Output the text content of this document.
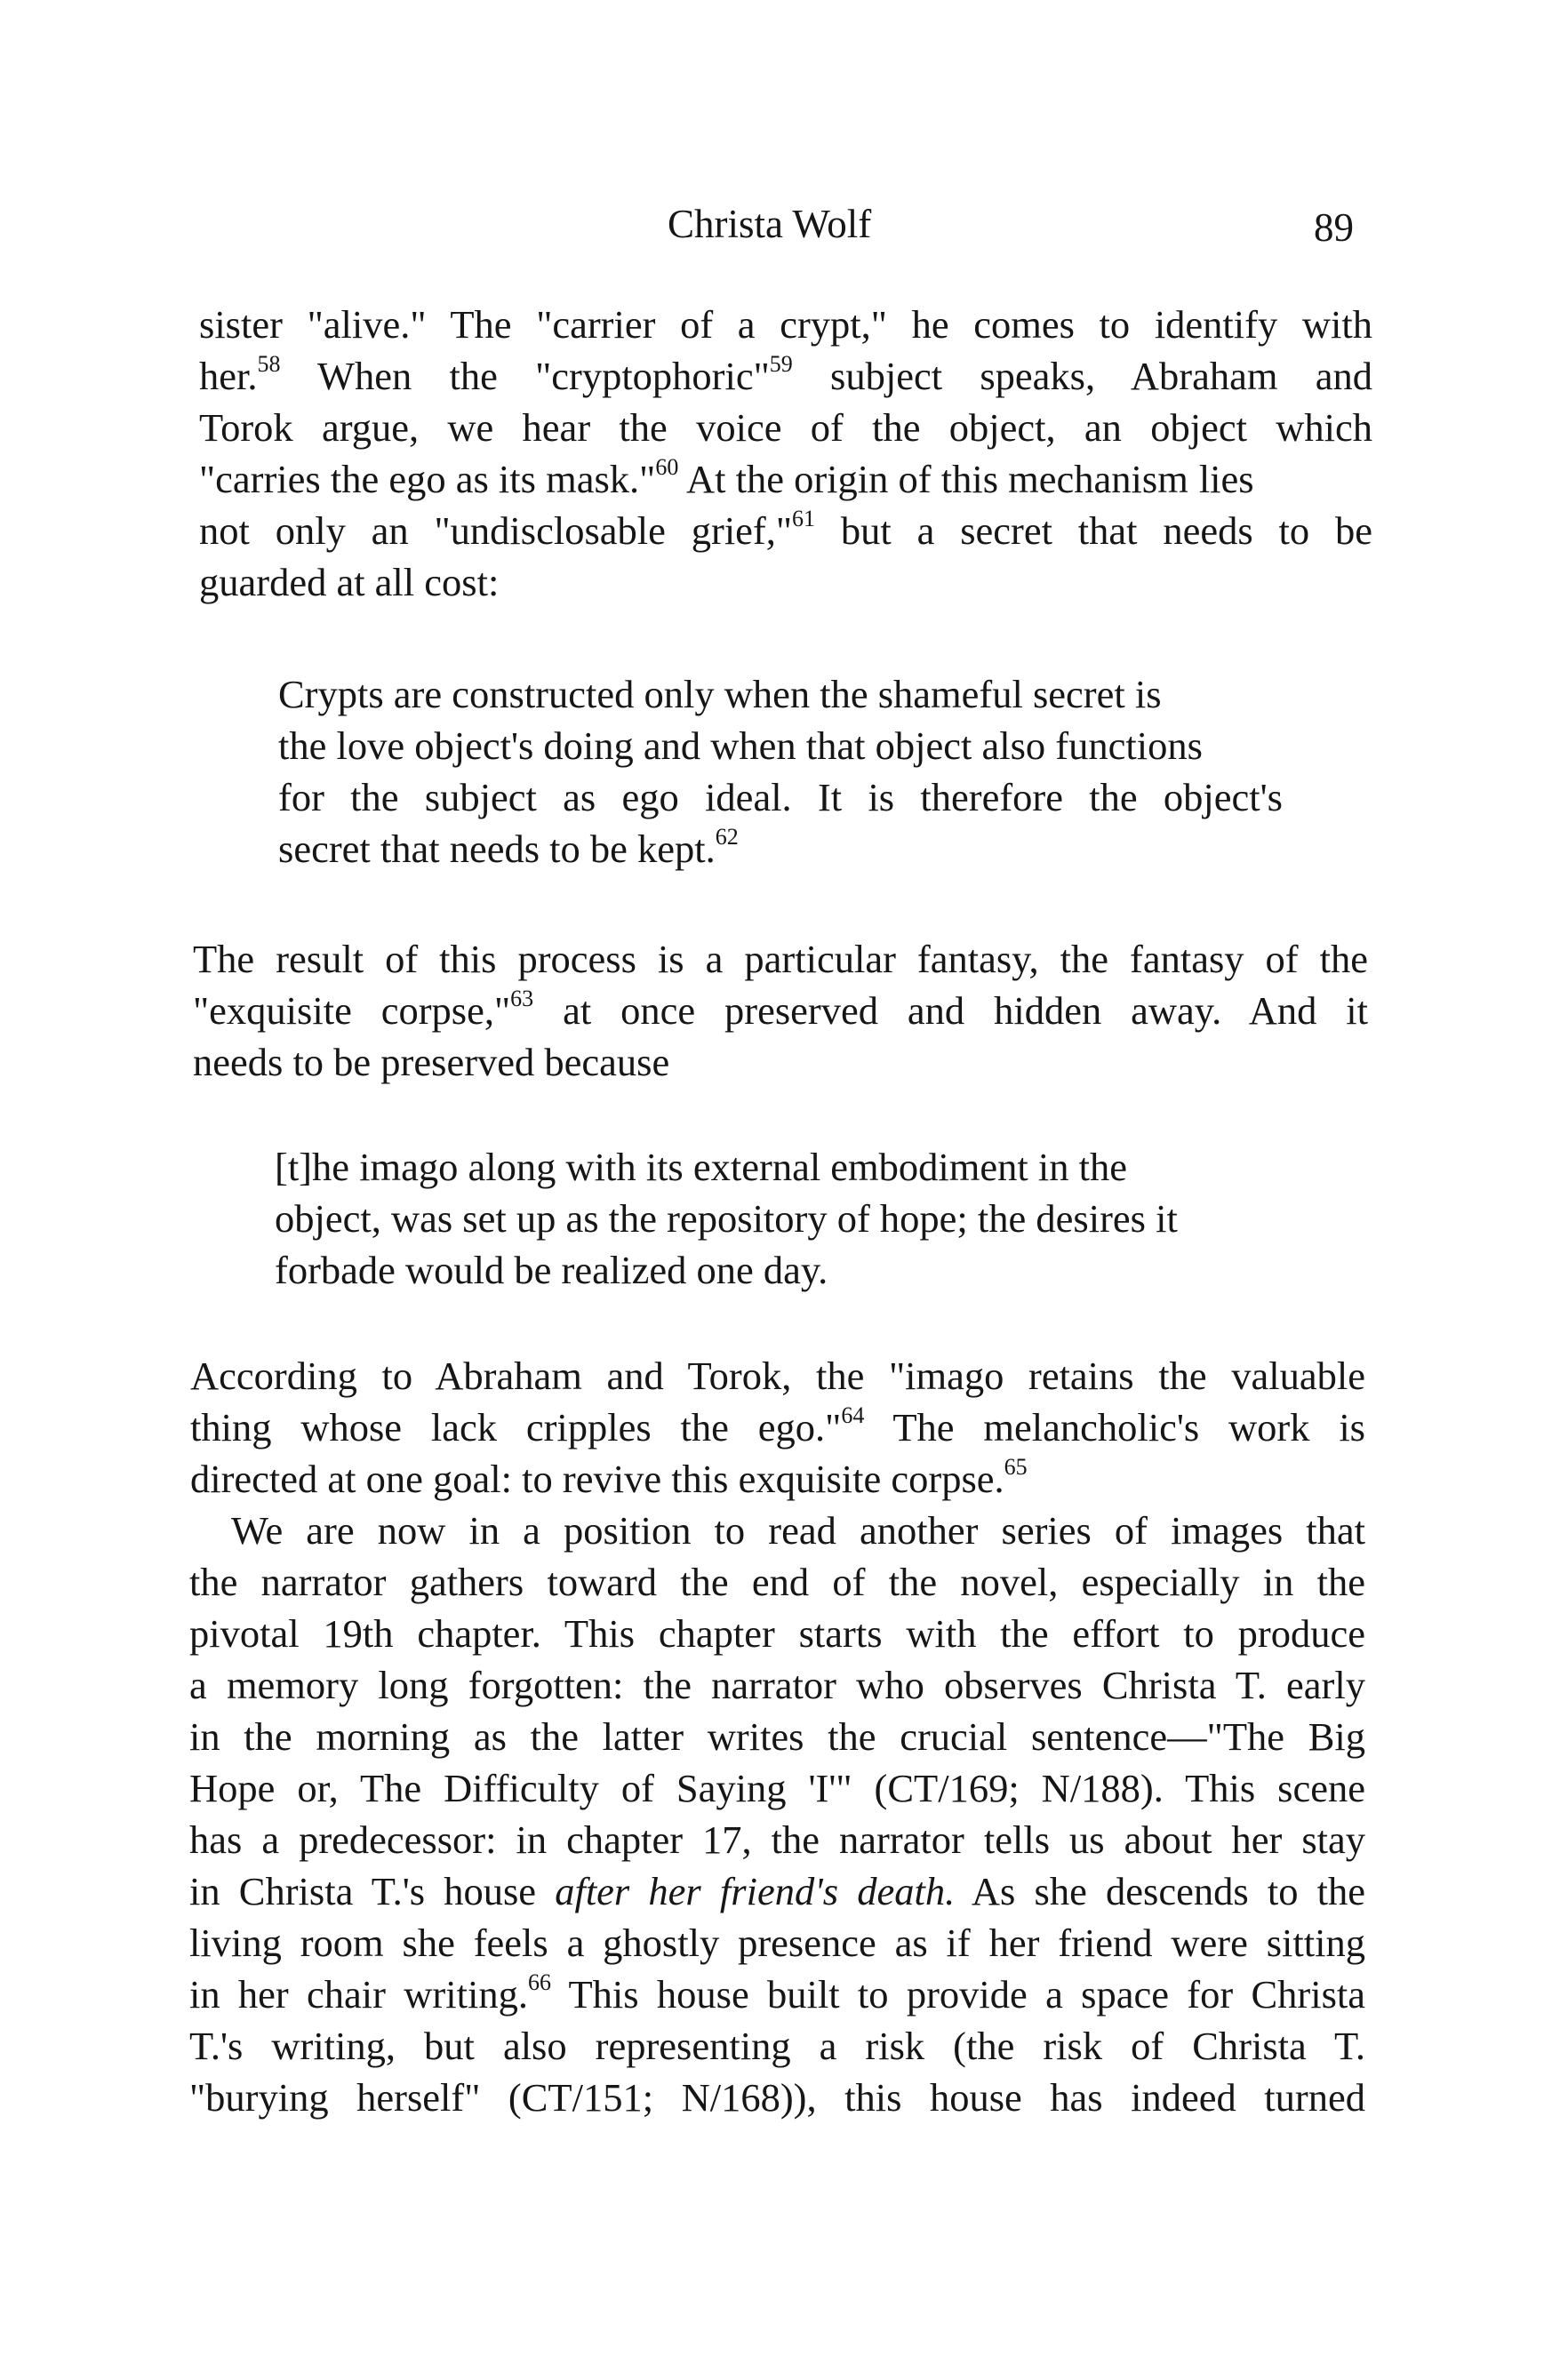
Christa Wolf	89

sister "alive." The "carrier of a crypt," he comes to identify with

her.$^{58}$ When the "cryptophoric"$^{59}$ subject speaks, Abraham and

Torok argue, we hear the voice of the object, an object which

"carries the ego as its mask."$^{60}$ At the origin of this mechanism lies

not only an "undisclosable grief,"$^{61}$ but a secret that needs to be

guarded at all cost:

Crypts are constructed only when the shameful secret is

the love object's doing and when that object also functions

for the subject as ego ideal. It is therefore the object's

secret that needs to be kept.$^{62}$

The result of this process is a particular fantasy, the fantasy of the

"exquisite corpse,"$^{63}$ at once preserved and hidden away. And it

needs to be preserved because

[t]he imago along with its external embodiment in the

object, was set up as the repository of hope; the desires it

forbade would be realized one day.

According to Abraham and Torok, the "imago retains the valuable

thing whose lack cripples the ego."$^{64}$ The melancholic's work is

directed at one goal: to revive this exquisite corpse.$^{65}$

We are now in a position to read another series of images that

the narrator gathers toward the end of the novel, especially in the

pivotal 19th chapter. This chapter starts with the effort to produce

a memory long forgotten: the narrator who observes Christa T. early

in the morning as the latter writes the crucial sentence—"The Big

Hope or, The Difficulty of Saying 'I'" (CT/169; N/188). This scene

has a predecessor: in chapter 17, the narrator tells us about her stay

in Christa T.'s house after her friend's death. As she descends to the

living room she feels a ghostly presence as if her friend were sitting

in her chair writing.$^{66}$ This house built to provide a space for Christa

T.'s writing, but also representing a risk (the risk of Christa T.

"burying herself" (CT/151; N/168)), this house has indeed turned
